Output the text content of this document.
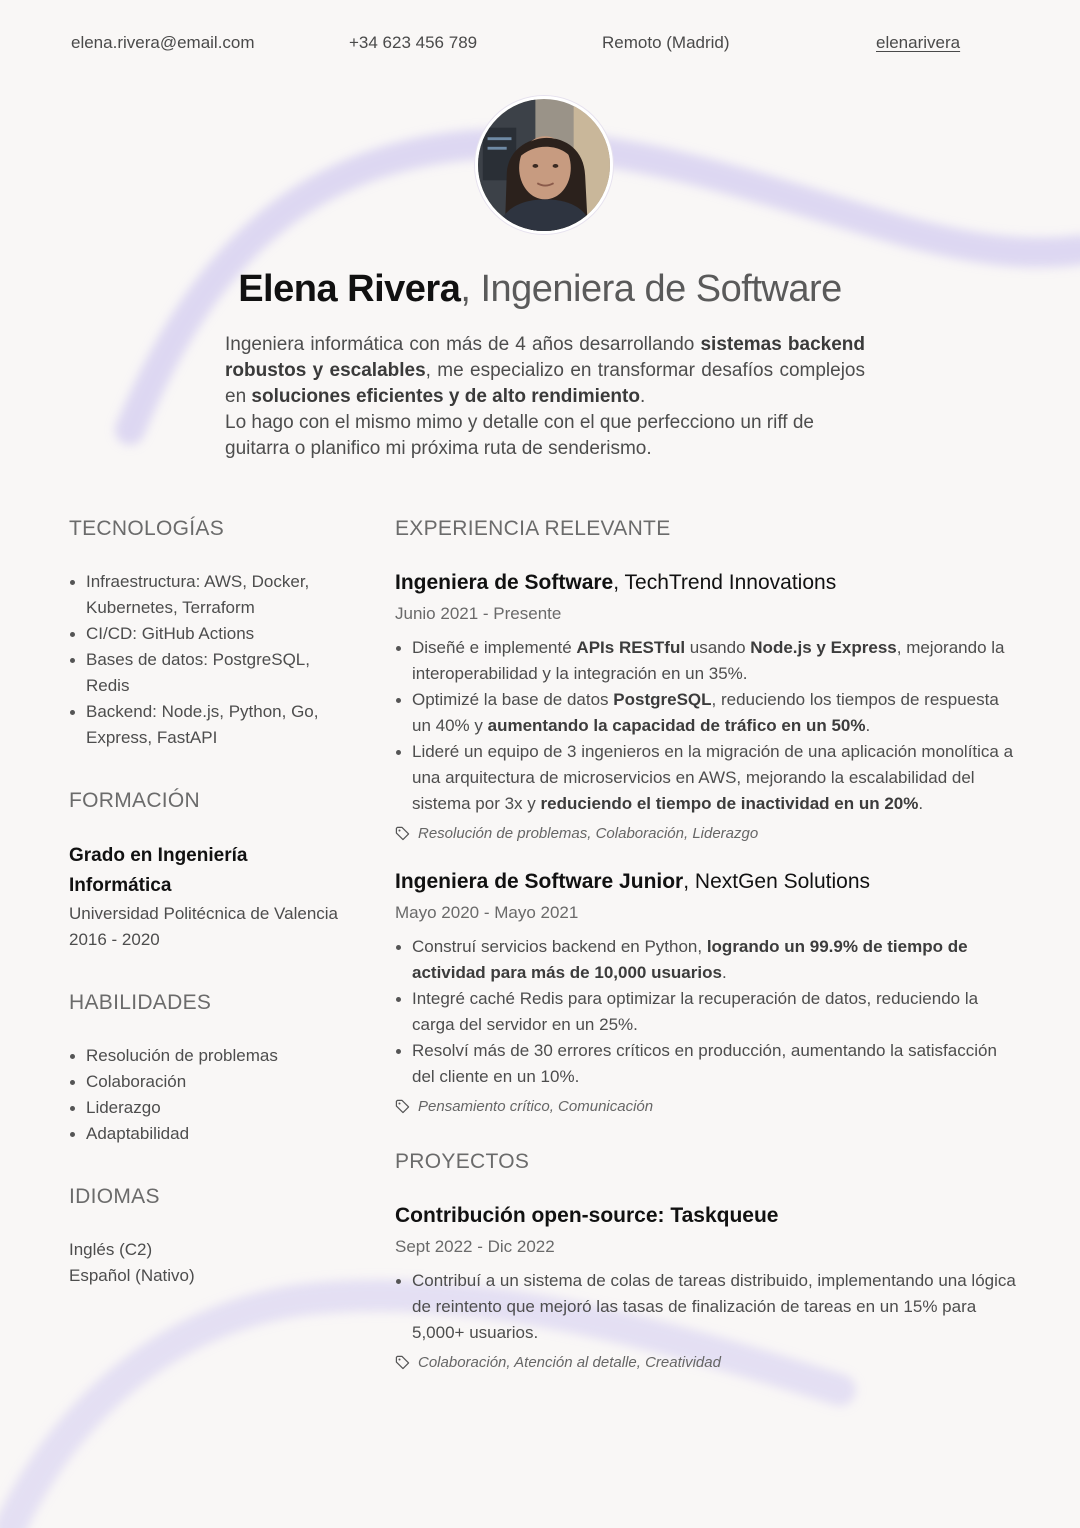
elena.rivera@email.com	+34 623 456 789	Remoto (Madrid)	elenarivera
Elena Rivera, Ingeniera de Software

Ingeniera informática con más de 4 años desarrollando sistemas backend robustos y escalables, me especializo en transformar desafíos complejos en soluciones eficientes y de alto rendimiento.

Lo hago con el mismo mimo y detalle con el que perfecciono un riff de guitarra o planifico mi próxima ruta de senderismo.

TECNOLOGÍAS
Infraestructura: AWS, Docker, Kubernetes, Terraform
CI/CD: GitHub Actions
Bases de datos: PostgreSQL, Redis
Backend: Node.js, Python, Go, Express, FastAPI
FORMACIÓN
Grado en Ingeniería Informática
Universidad Politécnica de Valencia
2016 - 2020
HABILIDADES
Resolución de problemas
Colaboración
Liderazgo
Adaptabilidad
IDIOMAS
Inglés (C2)
Español (Nativo)
EXPERIENCIA RELEVANTE
Ingeniera de Software, TechTrend Innovations
Junio 2021 - Presente
Diseñé e implementé APIs RESTful usando Node.js y Express, mejorando la interoperabilidad y la integración en un 35%.
Optimizé la base de datos PostgreSQL, reduciendo los tiempos de respuesta un 40% y aumentando la capacidad de tráfico en un 50%.
Lideré un equipo de 3 ingenieros en la migración de una aplicación monolítica a una arquitectura de microservicios en AWS, mejorando la escalabilidad del sistema por 3x y reduciendo el tiempo de inactividad en un 20%.
Resolución de problemas, Colaboración, Liderazgo
Ingeniera de Software Junior, NextGen Solutions
Mayo 2020 - Mayo 2021
Construí servicios backend en Python, logrando un 99.9% de tiempo de actividad para más de 10,000 usuarios.
Integré caché Redis para optimizar la recuperación de datos, reduciendo la carga del servidor en un 25%.
Resolví más de 30 errores críticos en producción, aumentando la satisfacción del cliente en un 10%.
Pensamiento crítico, Comunicación
PROYECTOS
Contribución open-source: Taskqueue
Sept 2022 - Dic 2022
Contribuí a un sistema de colas de tareas distribuido, implementando una lógica de reintento que mejoró las tasas de finalización de tareas en un 15% para 5,000+ usuarios.
Colaboración, Atención al detalle, Creatividad
